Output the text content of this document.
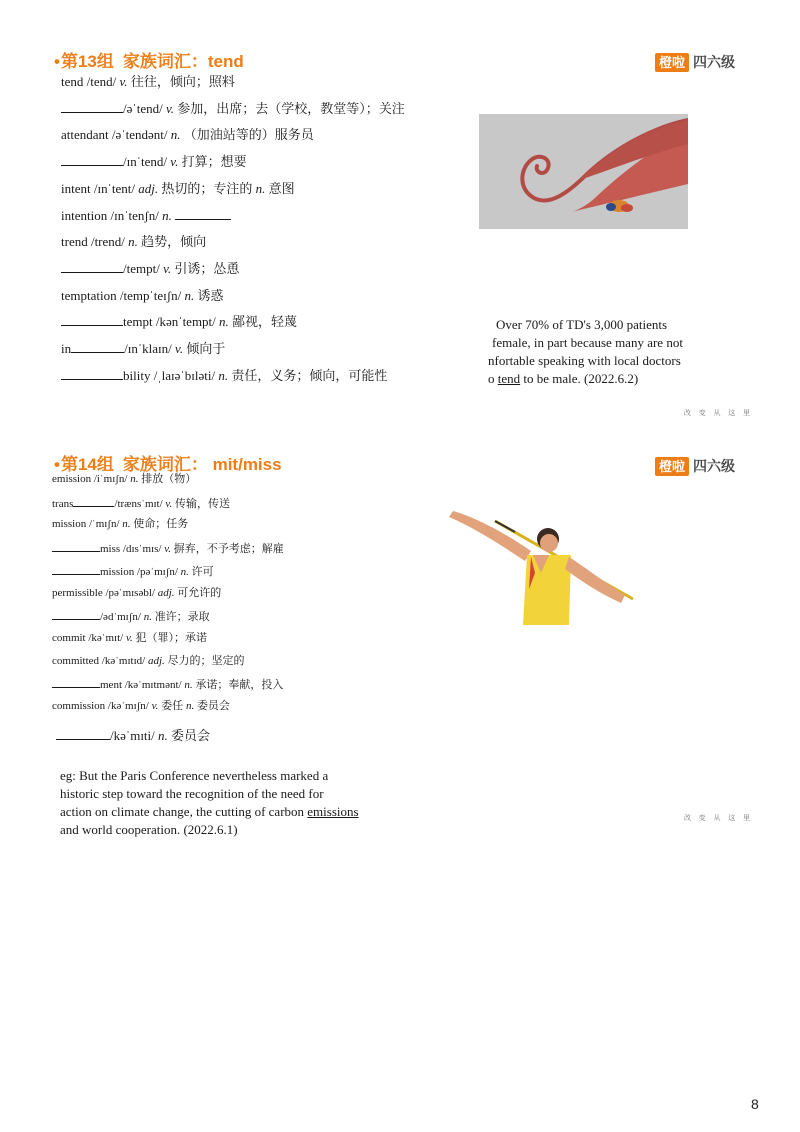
•第13组 家族词汇：tend	橙啦 四六级
tend /tend/ v. 往往，倾向；照料
/əˈtend/ v. 参加，出席；去（学校，教堂等）；关注
attendant /əˈtendənt/ n. （加油站等的）服务员
/ɪnˈtend/ v. 打算；想要
intent /ɪnˈtent/ adj. 热切的；专注的 n. 意图
intention /ɪnˈtenʃn/ n.
trend /trend/ n. 趋势，倾向
/tempt/ v. 引诱；怂恿
temptation /tempˈteɪʃn/ n. 诱惑
tempt /kənˈtempt/ n. 鄙视，轻蔑
in	/ɪnˈklaɪn/ v. 倾向于
bility /ˌlaɪəˈbɪləti/ n. 责任，义务；倾向，可能性
Over 70% of TD's 3,000 patients
female, in part because many are not
nfortable speaking with local doctors
o tend to be male. (2022.6.2)
改 变 从 这 里
•第14组 家族词汇： mit/miss	橙啦 四六级
emission /iˈmɪʃn/ n. 排放（物）
trans	/trænsˈmɪt/ v. 传输，传送
mission /ˈmɪʃn/ n. 使命；任务
miss /dɪsˈmɪs/ v. 摒弃，不予考虑；解雇
mission /pəˈmɪʃn/ n. 许可
permissible /pəˈmɪsəbl/ adj. 可允许的
/ədˈmɪʃn/ n. 准许；录取
commit /kəˈmɪt/ v. 犯（罪）；承诺
committed /kəˈmɪtɪd/ adj. 尽力的；坚定的
ment /kəˈmɪtmənt/ n. 承诺；奉献，投入
commission /kəˈmɪʃn/ v. 委任 n. 委员会
/kəˈmɪti/ n. 委员会
eg: But the Paris Conference nevertheless marked a
historic step toward the recognition of the need for
action on climate change, the cutting of carbon emissions
and world cooperation. (2022.6.1)
改 变 从 这 里
8
